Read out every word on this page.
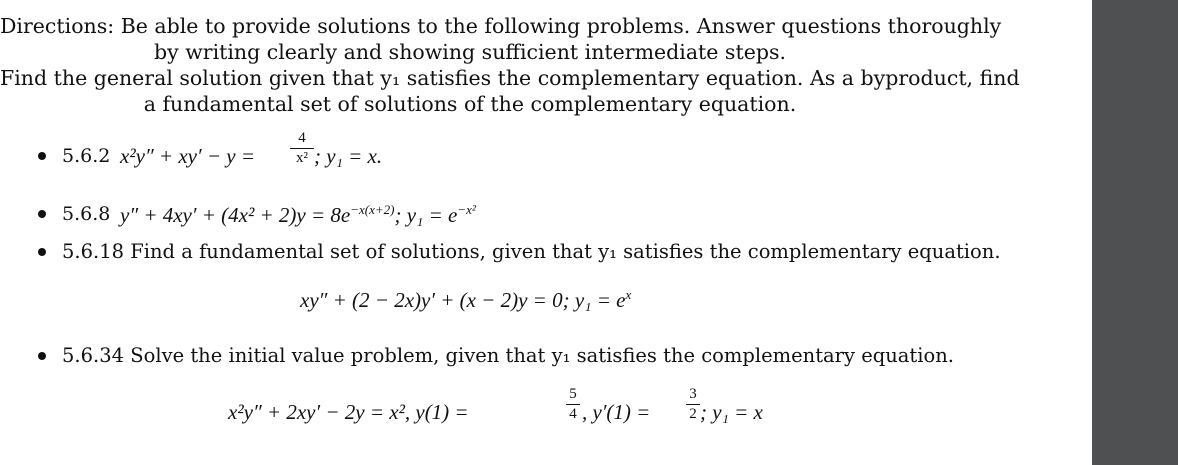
Directions: Be able to provide solutions to the following problems. Answer questions thoroughly
by writing clearly and showing sufficient intermediate steps.
Find the general solution given that y₁ satisfies the complementary equation. As a byproduct, find
a fundamental set of solutions of the complementary equation.
5.6.2 x²y″ + xy′ − y =
4
x² ; y₁ = x.
5.6.8 $y'' + 4xy' + (4x^2 + 2)y = 8e^{-x(x+2)}$; $y_1 = e^{-x^2}$
5.6.18 Find a fundamental set of solutions, given that y₁ satisfies the complementary equation.
xy″ + (2 − 2x)y′ + (x − 2)y = 0; $y_1 = e^x$
5.6.34 Solve the initial value problem, given that y₁ satisfies the complementary equation.
x²y″ + 2xy′ − 2y = x², y(1) =
5
4 , y′(1) =
3
2 ; y₁ = x
